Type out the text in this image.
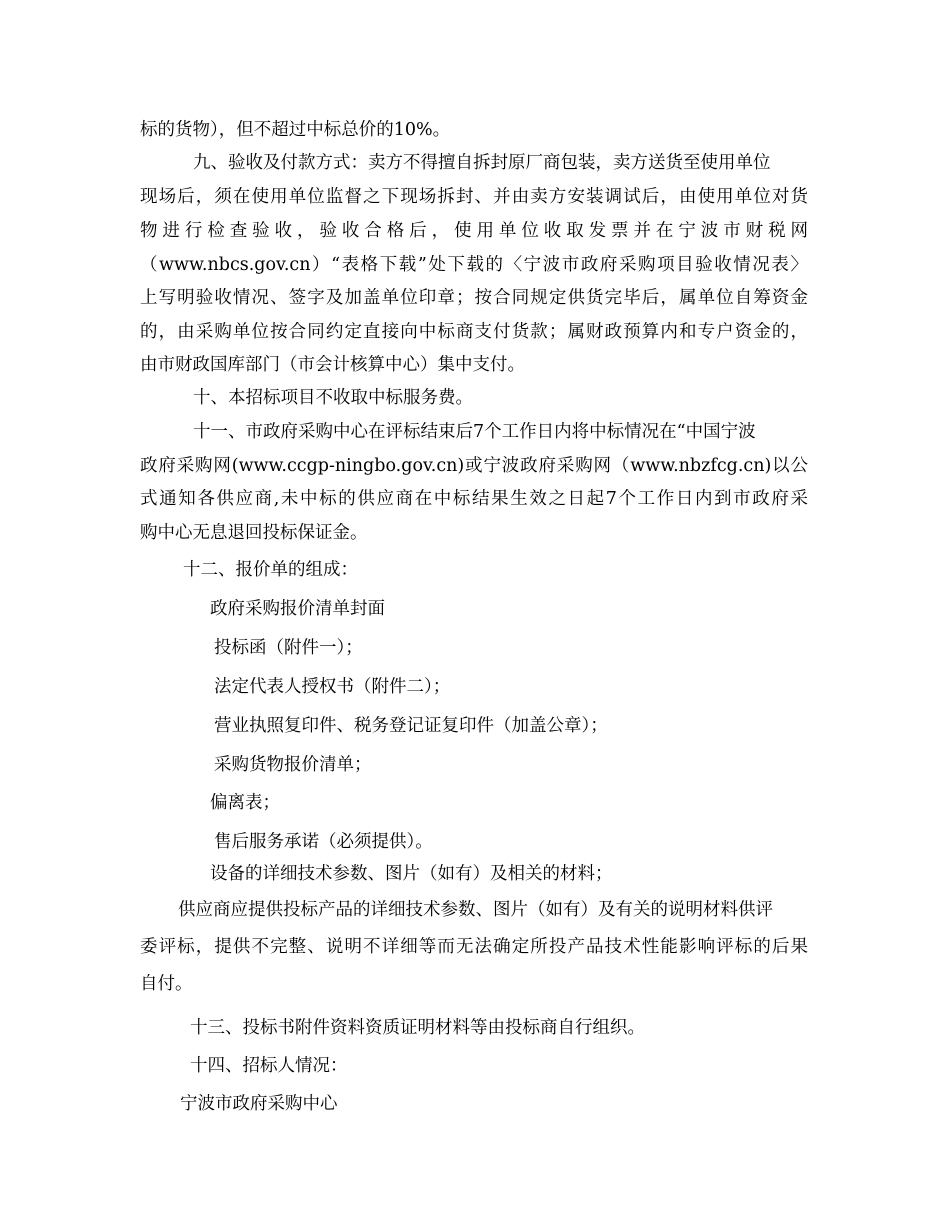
标的货物），但不超过中标总价的10%。
九、验收及付款方式：卖方不得擅自拆封原厂商包装，卖方送货至使用单位
现场后，须在使用单位监督之下现场拆封、并由卖方安装调试后，由使用单位对货
物进行检查验收，验收合格后，使用单位收取发票并在宁波市财税网
（www.nbcs.gov.cn）“表格下载”处下载的〈宁波市政府采购项目验收情况表〉
上写明验收情况、签字及加盖单位印章；按合同规定供货完毕后，属单位自筹资金
的，由采购单位按合同约定直接向中标商支付货款；属财政预算内和专户资金的，
由市财政国库部门（市会计核算中心）集中支付。
十、本招标项目不收取中标服务费。
十一、市政府采购中心在评标结束后7个工作日内将中标情况在“中国宁波
政府采购网(www.ccgp-ningbo.gov.cn)或宁波政府采购网（www.nbzfcg.cn)以公
式通知各供应商,未中标的供应商在中标结果生效之日起7个工作日内到市政府采
购中心无息退回投标保证金。
十二、报价单的组成：
政府采购报价清单封面
投标函（附件一）；
法定代表人授权书（附件二）；
营业执照复印件、税务登记证复印件（加盖公章）；
采购货物报价清单；
偏离表；
售后服务承诺（必须提供）。
设备的详细技术参数、图片（如有）及相关的材料；
供应商应提供投标产品的详细技术参数、图片（如有）及有关的说明材料供评
委评标，提供不完整、说明不详细等而无法确定所投产品技术性能影响评标的后果
自付。
十三、投标书附件资料资质证明材料等由投标商自行组织。
十四、招标人情况：
宁波市政府采购中心
